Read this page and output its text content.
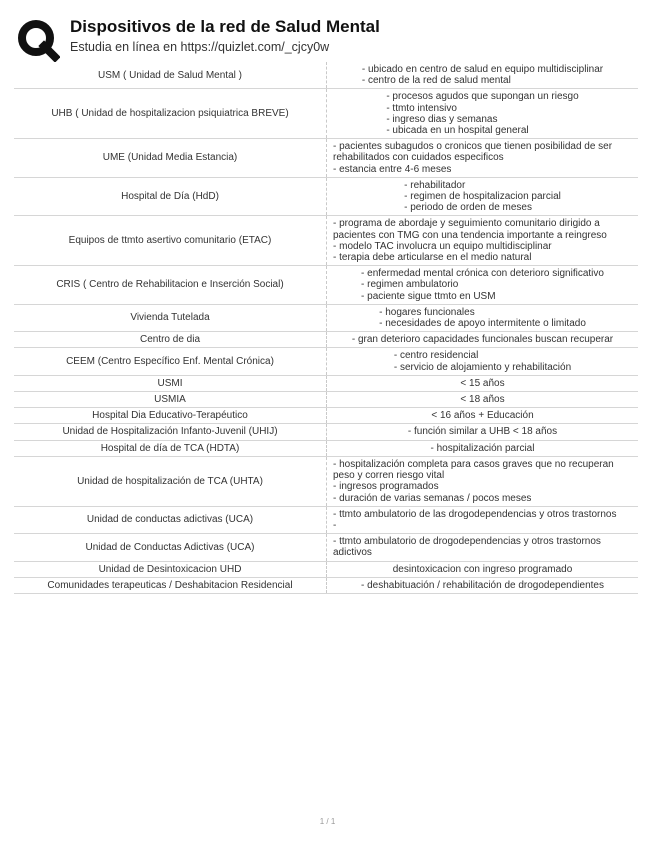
Dispositivos de la red de Salud Mental
Estudia en línea en https://quizlet.com/_cjcy0w
USM ( Unidad de Salud Mental )	- ubicado en centro de salud en equipo multidisciplinar
- centro de la red de salud mental
UHB ( Unidad de hospitalizacion psiquiatrica BREVE)	- procesos agudos que supongan un riesgo
- ttmto intensivo
- ingreso dias y semanas
- ubicada en un hospital general
UME (Unidad Media Estancia)	- pacientes subagudos o cronicos que tienen posibilidad de ser rehabilitados con cuidados especificos
- estancia entre 4-6 meses
Hospital de Día (HdD)	- rehabilitador
- regimen de hospitalizacion parcial
- periodo de orden de meses
Equipos de ttmto asertivo comunitario (ETAC)	- programa de abordaje y seguimiento comunitario dirigido a pacientes con TMG con una tendencia importante a reingreso
- modelo TAC involucra un equipo multidisciplinar
- terapia debe articularse en el medio natural
CRIS ( Centro de Rehabilitacion e Inserción Social)	- enfermedad mental crónica con deterioro significativo
- regimen ambulatorio
- paciente sigue ttmto en USM
Vivienda Tutelada	- hogares funcionales
- necesidades de apoyo intermitente o limitado
Centro de dia	- gran deterioro capacidades funcionales buscan recuperar
CEEM (Centro Específico Enf. Mental Crónica)	- centro residencial
- servicio de alojamiento y rehabilitación
USMI	< 15 años
USMIA	< 18 años
Hospital Dia Educativo-Terapéutico	< 16 años + Educación
Unidad de Hospitalización Infanto-Juvenil (UHIJ)	- función similar a UHB < 18 años
Hospital de día de TCA (HDTA)	- hospitalización parcial
Unidad de hospitalización de TCA (UHTA)	- hospitalización completa para casos graves que no recuperan peso y corren riesgo vital
- ingresos programados
- duración de varias semanas / pocos meses
Unidad de conductas adictivas (UCA)	- ttmto ambulatorio de las drogodependencias y otros trastornos
-
Unidad de Conductas Adictivas (UCA)	- ttmto ambulatorio de drogodependencias y otros trastornos adictivos
Unidad de Desintoxicacion UHD	desintoxicacion con ingreso programado
Comunidades terapeuticas / Deshabitacion Residencial	- deshabituación / rehabilitación de drogodependientes
1 / 1
